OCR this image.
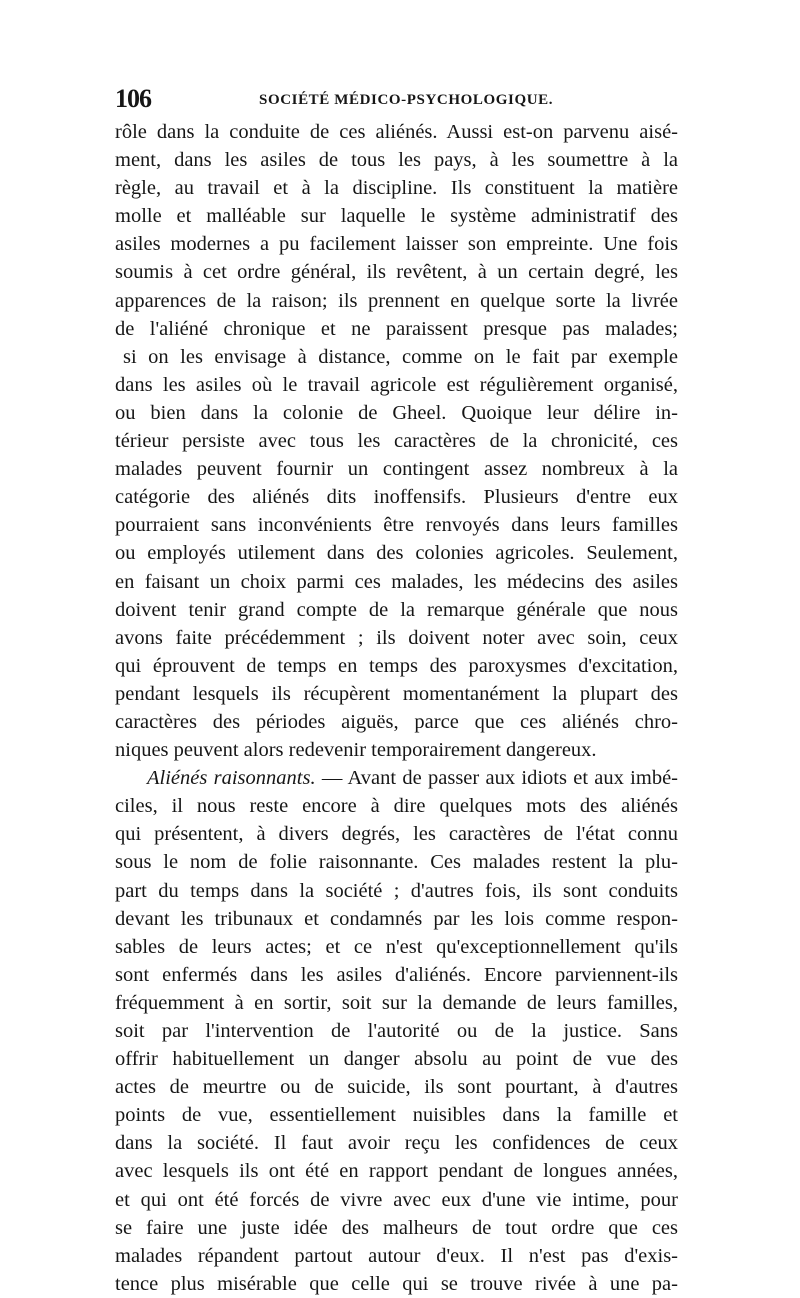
106	SOCIÉTÉ MÉDICO-PSYCHOLOGIQUE.
rôle dans la conduite de ces aliénés. Aussi est-on parvenu aisé-
ment, dans les asiles de tous les pays, à les soumettre à la
règle, au travail et à la discipline. Ils constituent la matière
molle et malléable sur laquelle le système administratif des
asiles modernes a pu facilement laisser son empreinte. Une fois
soumis à cet ordre général, ils revêtent, à un certain degré, les
apparences de la raison; ils prennent en quelque sorte la livrée
de l'aliéné chronique et ne paraissent presque pas malades;
si on les envisage à distance, comme on le fait par exemple
dans les asiles où le travail agricole est régulièrement organisé,
ou bien dans la colonie de Gheel. Quoique leur délire in-
térieur persiste avec tous les caractères de la chronicité, ces
malades peuvent fournir un contingent assez nombreux à la
catégorie des aliénés dits inoffensifs. Plusieurs d'entre eux
pourraient sans inconvénients être renvoyés dans leurs familles
ou employés utilement dans des colonies agricoles. Seulement,
en faisant un choix parmi ces malades, les médecins des asiles
doivent tenir grand compte de la remarque générale que nous
avons faite précédemment ; ils doivent noter avec soin, ceux
qui éprouvent de temps en temps des paroxysmes d'excitation,
pendant lesquels ils récupèrent momentanément la plupart des
caractères des périodes aiguës, parce que ces aliénés chro-
niques peuvent alors redevenir temporairement dangereux.
Aliénés raisonnants. — Avant de passer aux idiots et aux imbé-
ciles, il nous reste encore à dire quelques mots des aliénés
qui présentent, à divers degrés, les caractères de l'état connu
sous le nom de folie raisonnante. Ces malades restent la plu-
part du temps dans la société ; d'autres fois, ils sont conduits
devant les tribunaux et condamnés par les lois comme respon-
sables de leurs actes; et ce n'est qu'exceptionnellement qu'ils
sont enfermés dans les asiles d'aliénés. Encore parviennent-ils
fréquemment à en sortir, soit sur la demande de leurs familles,
soit par l'intervention de l'autorité ou de la justice. Sans
offrir habituellement un danger absolu au point de vue des
actes de meurtre ou de suicide, ils sont pourtant, à d'autres
points de vue, essentiellement nuisibles dans la famille et
dans la société. Il faut avoir reçu les confidences de ceux
avec lesquels ils ont été en rapport pendant de longues années,
et qui ont été forcés de vivre avec eux d'une vie intime, pour
se faire une juste idée des malheurs de tout ordre que ces
malades répandent partout autour d'eux. Il n'est pas d'exis-
tence plus misérable que celle qui se trouve rivée à une pa-
